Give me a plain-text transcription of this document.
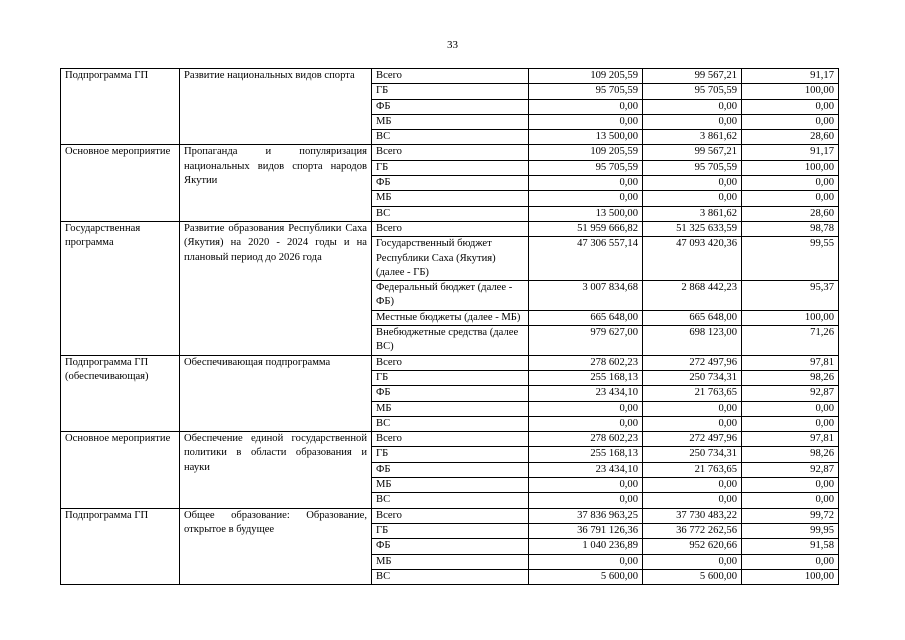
33
Подпрограмма ГП	Развитие национальных видов спорта	Всего	109 205,59	99 567,21	91,17
		ГБ	95 705,59	95 705,59	100,00
		ФБ	0,00	0,00	0,00
		МБ	0,00	0,00	0,00
		ВС	13 500,00	3 861,62	28,60
Основное мероприятие	Пропаганда и популяризация национальных видов спорта народов Якутии	Всего	109 205,59	99 567,21	91,17
		ГБ	95 705,59	95 705,59	100,00
		ФБ	0,00	0,00	0,00
		МБ	0,00	0,00	0,00
		ВС	13 500,00	3 861,62	28,60
Государственная программа	Развитие образования Республики Саха (Якутия) на 2020 - 2024 годы и на плановый период до 2026 года	Всего	51 959 666,82	51 325 633,59	98,78
		Государственный бюджет Республики Саха (Якутия) (далее - ГБ)	47 306 557,14	47 093 420,36	99,55
		Федеральный бюджет (далее - ФБ)	3 007 834,68	2 868 442,23	95,37
		Местные бюджеты (далее - МБ)	665 648,00	665 648,00	100,00
		Внебюджетные средства (далее ВС)	979 627,00	698 123,00	71,26
Подпрограмма ГП (обеспечивающая)	Обеспечивающая подпрограмма	Всего	278 602,23	272 497,96	97,81
		ГБ	255 168,13	250 734,31	98,26
		ФБ	23 434,10	21 763,65	92,87
		МБ	0,00	0,00	0,00
		ВС	0,00	0,00	0,00
Основное мероприятие	Обеспечение единой государственной политики в области образования и науки	Всего	278 602,23	272 497,96	97,81
		ГБ	255 168,13	250 734,31	98,26
		ФБ	23 434,10	21 763,65	92,87
		МБ	0,00	0,00	0,00
		ВС	0,00	0,00	0,00
Подпрограмма ГП	Общее образование: Образование, открытое в будущее	Всего	37 836 963,25	37 730 483,22	99,72
		ГБ	36 791 126,36	36 772 262,56	99,95
		ФБ	1 040 236,89	952 620,66	91,58
		МБ	0,00	0,00	0,00
		ВС	5 600,00	5 600,00	100,00
